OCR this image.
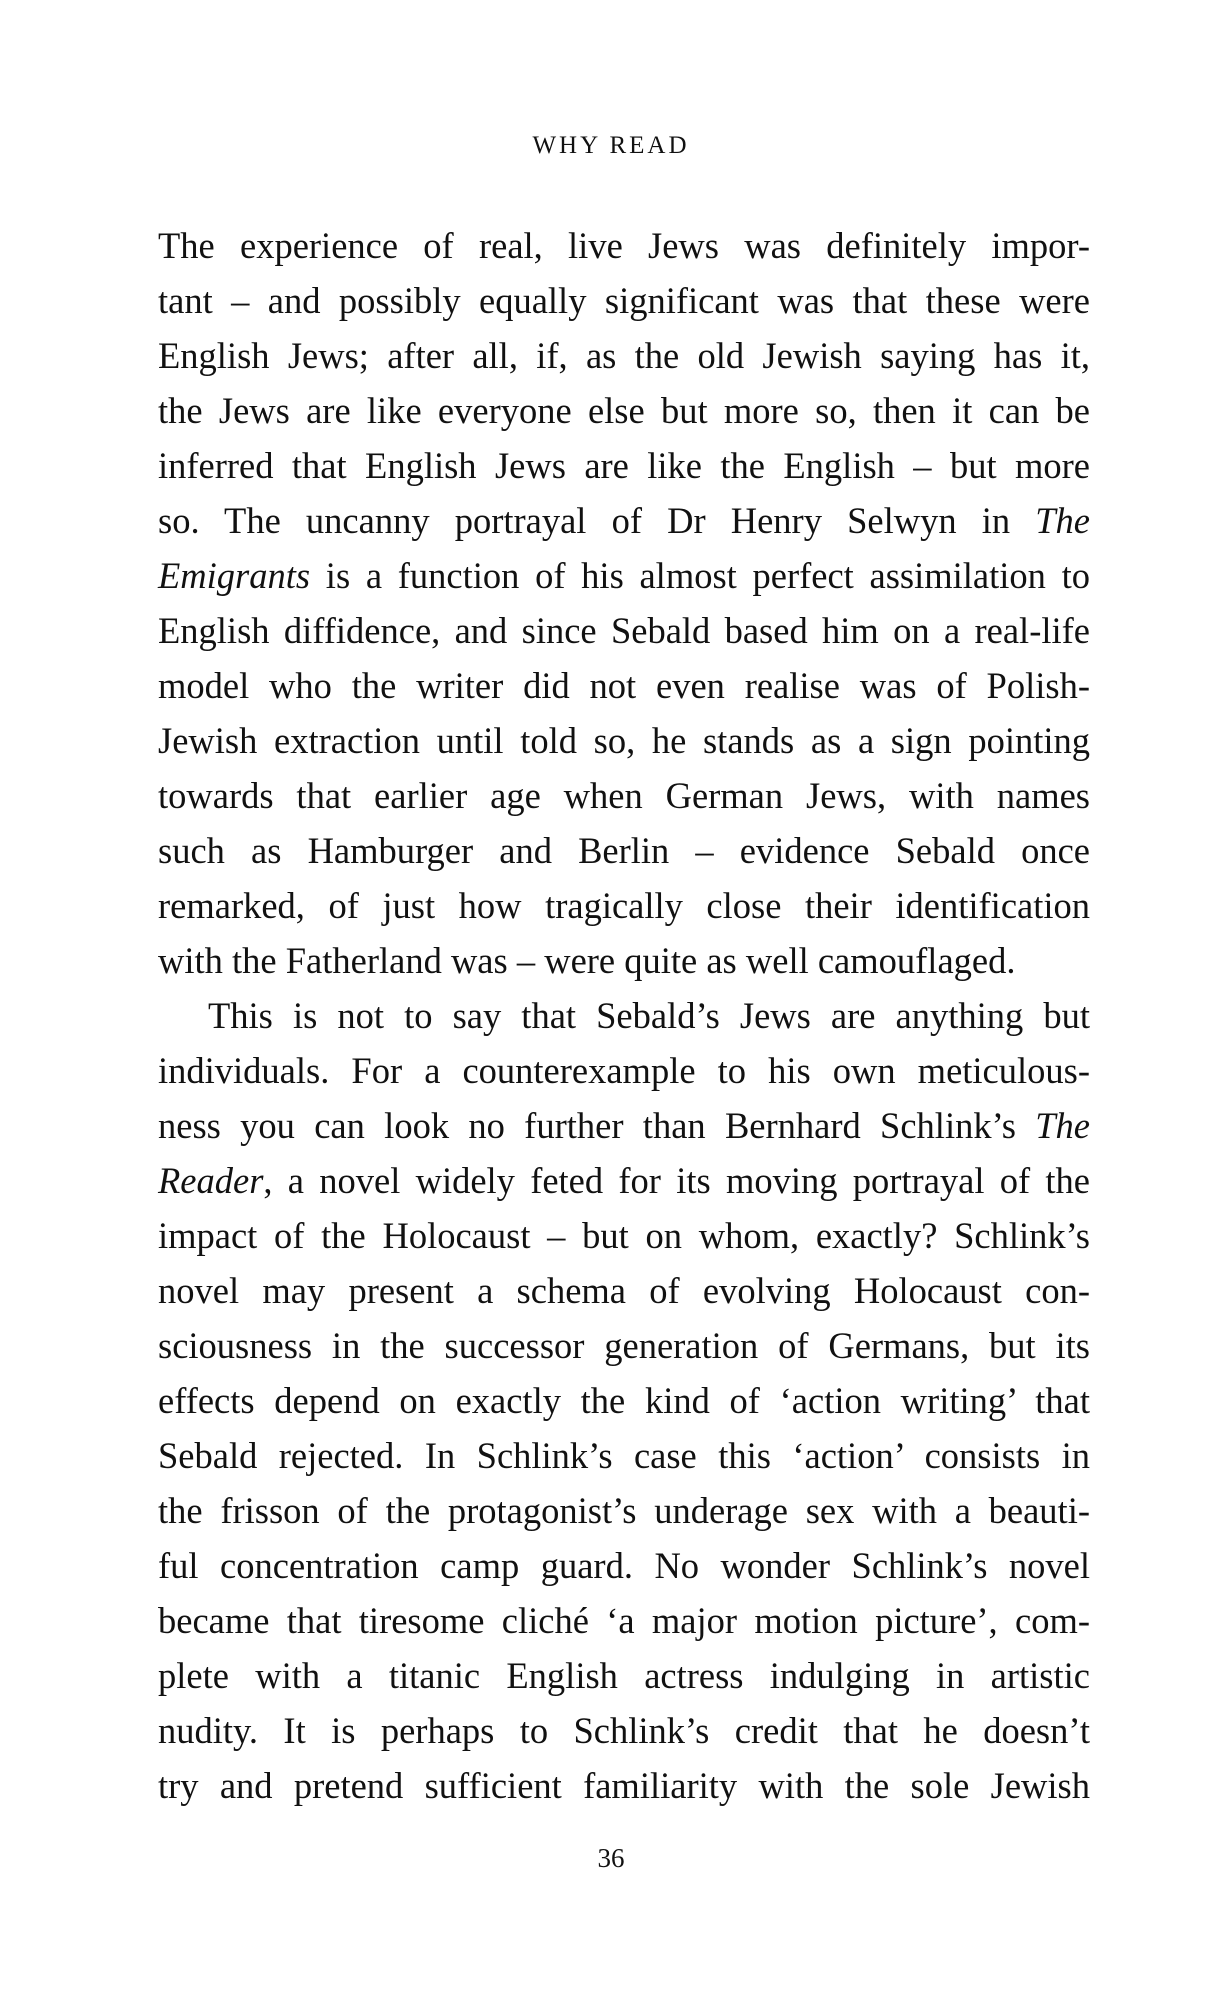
WHY READ
The experience of real, live Jews was definitely impor-
tant – and possibly equally significant was that these were
English Jews; after all, if, as the old Jewish saying has it,
the Jews are like everyone else but more so, then it can be
inferred that English Jews are like the English – but more
so. The uncanny portrayal of Dr Henry Selwyn in The
Emigrants is a function of his almost perfect assimilation to
English diffidence, and since Sebald based him on a real-life
model who the writer did not even realise was of Polish-
Jewish extraction until told so, he stands as a sign pointing
towards that earlier age when German Jews, with names
such as Hamburger and Berlin – evidence Sebald once
remarked, of just how tragically close their identification
with the Fatherland was – were quite as well camouflaged.
This is not to say that Sebald’s Jews are anything but
individuals. For a counterexample to his own meticulous-
ness you can look no further than Bernhard Schlink’s The
Reader, a novel widely feted for its moving portrayal of the
impact of the Holocaust – but on whom, exactly? Schlink’s
novel may present a schema of evolving Holocaust con-
sciousness in the successor generation of Germans, but its
effects depend on exactly the kind of ‘action writing’ that
Sebald rejected. In Schlink’s case this ‘action’ consists in
the frisson of the protagonist’s underage sex with a beauti-
ful concentration camp guard. No wonder Schlink’s novel
became that tiresome cliché ‘a major motion picture’, com-
plete with a titanic English actress indulging in artistic
nudity. It is perhaps to Schlink’s credit that he doesn’t
try and pretend sufficient familiarity with the sole Jewish
36
